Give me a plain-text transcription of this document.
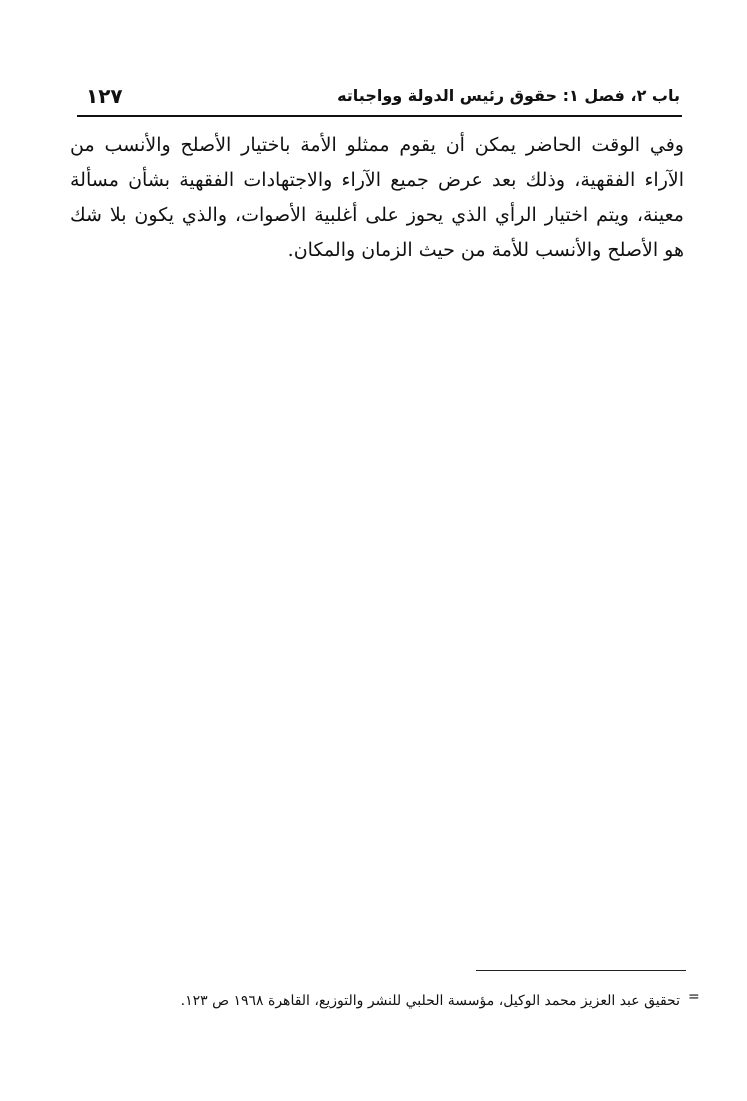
١٢٧	باب ٢، فصل ١: حقوق رئيس الدولة وواجباته

وفي الوقت الحاضر يمكن أن يقوم ممثلو الأمة باختيار الأصلح والأنسب من الآراء الفقهية، وذلك بعد عرض جميع الآراء والاجتهادات الفقهية بشأن مسألة معينة، ويتم اختيار الرأي الذي يحوز على أغلبية الأصوات، والذي يكون بلا شك هو الأصلح والأنسب للأمة من حيث الزمان والمكان.

=

تحقيق عبد العزيز محمد الوكيل، مؤسسة الحلبي للنشر والتوزيع، القاهرة ١٩٦٨ ص ١٢٣.
